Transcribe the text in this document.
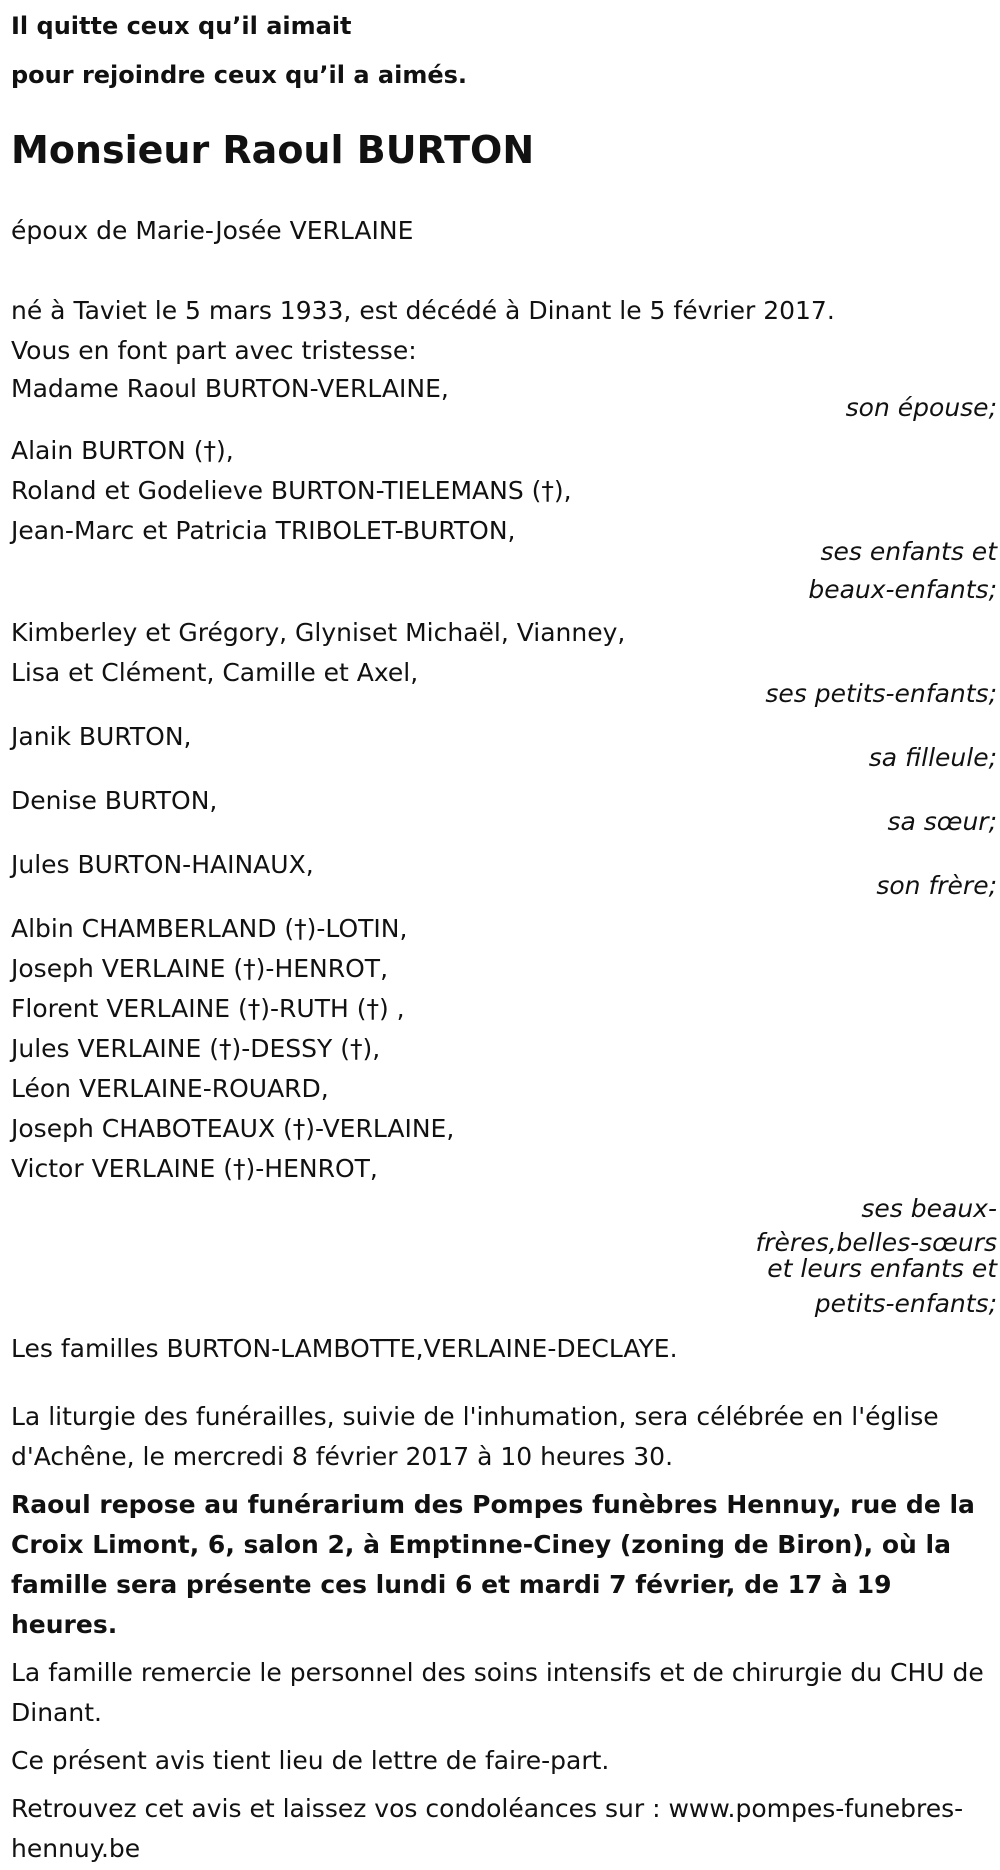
Il quitte ceux qu’il aimait
pour rejoindre ceux qu’il a aimés.

Monsieur Raoul BURTON

époux de Marie-Josée VERLAINE

né à Taviet le 5 mars 1933, est décédé à Dinant le 5 février 2017.

Vous en font part avec tristesse:

Madame Raoul BURTON-VERLAINE,
son épouse;
Alain BURTON (†),
Roland et Godelieve BURTON-TIELEMANS (†),
Jean-Marc et Patricia TRIBOLET-BURTON,
ses enfants et
beaux-enfants;
Kimberley et Grégory, Glyniset Michaël, Vianney,
Lisa et Clément, Camille et Axel,
ses petits-enfants;
Janik BURTON,
sa filleule;
Denise BURTON,
sa sœur;
Jules BURTON-HAINAUX,
son frère;
Albin CHAMBERLAND (†)-LOTIN,
Joseph VERLAINE (†)-HENROT,
Florent VERLAINE (†)-RUTH (†) ,
Jules VERLAINE (†)-DESSY (†),
Léon VERLAINE-ROUARD,
Joseph CHABOTEAUX (†)-VERLAINE,
Victor VERLAINE (†)-HENROT,
ses beaux-
frères,belles-sœurs
et leurs enfants et
petits-enfants;

Les familles BURTON-LAMBOTTE,VERLAINE-DECLAYE.

La liturgie des funérailles, suivie de l'inhumation, sera célébrée en l'église d'Achêne, le mercredi 8 février 2017 à 10 heures 30.

Raoul repose au funérarium des Pompes funèbres Hennuy, rue de la Croix Limont, 6, salon 2, à Emptinne-Ciney (zoning de Biron), où la famille sera présente ces lundi 6 et mardi 7 février, de 17 à 19 heures.

La famille remercie le personnel des soins intensifs et de chirurgie du CHU de Dinant.

Ce présent avis tient lieu de lettre de faire-part.

Retrouvez cet avis et laissez vos condoléances sur : www.pompes-funebres-hennuy.be
